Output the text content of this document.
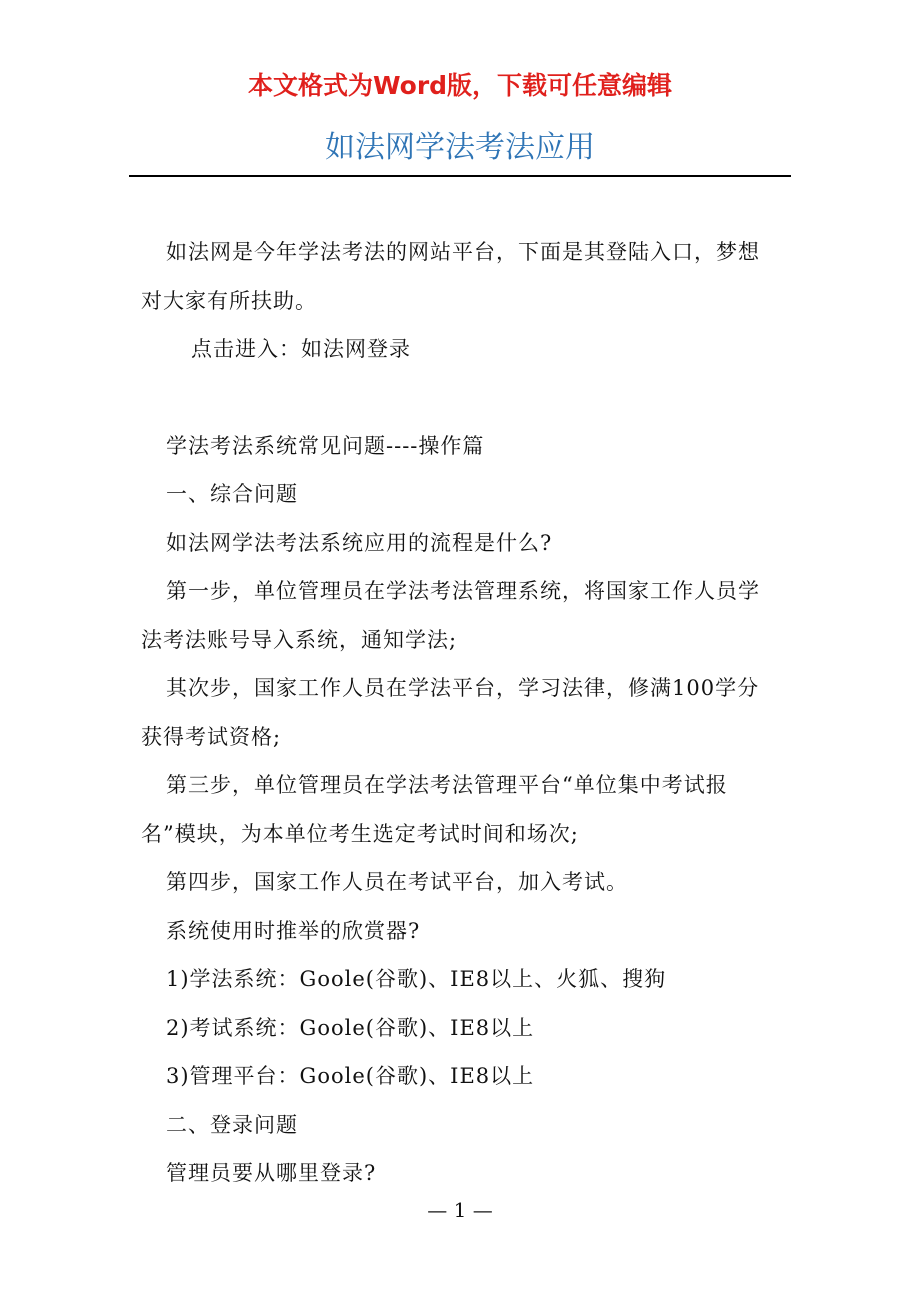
本文格式为Word版，下载可任意编辑
如法网学法考法应用

如法网是今年学法考法的网站平台，下面是其登陆入口，梦想对大家有所扶助。

点击进入：如法网登录

学法考法系统常见问题----操作篇

一、综合问题

如法网学法考法系统应用的流程是什么?

第一步，单位管理员在学法考法管理系统，将国家工作人员学法考法账号导入系统，通知学法;

其次步，国家工作人员在学法平台，学习法律，修满100学分获得考试资格;

第三步，单位管理员在学法考法管理平台“单位集中考试报名”模块，为本单位考生选定考试时间和场次;

第四步，国家工作人员在考试平台，加入考试。

系统使用时推举的欣赏器?

1)学法系统：Goole(谷歌)、IE8以上、火狐、搜狗

2)考试系统：Goole(谷歌)、IE8以上

3)管理平台：Goole(谷歌)、IE8以上

二、登录问题

管理员要从哪里登录?

— 1 —
